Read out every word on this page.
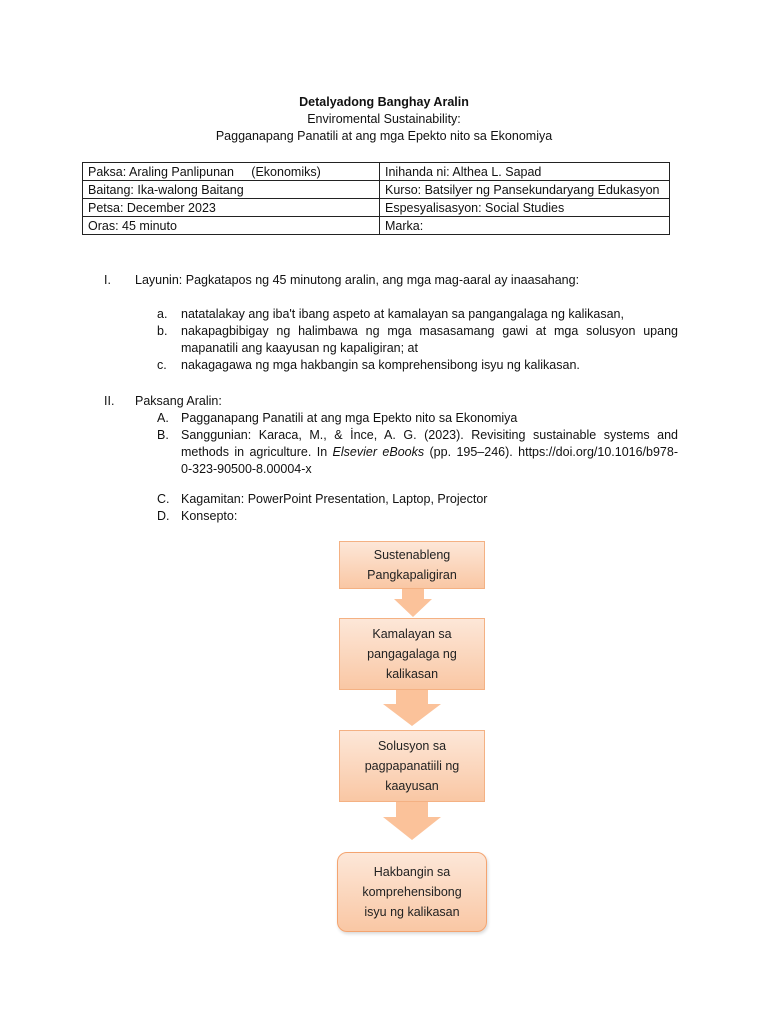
Detalyadong Banghay Aralin
Enviromental Sustainability:
Pagganapang Panatili at ang mga Epekto nito sa Ekonomiya
Paksa: Araling Panlipunan     (Ekonomiks)	Inihanda ni: Althea L. Sapad
Baitang: Ika-walong Baitang	Kurso: Batsilyer ng Pansekundaryang Edukasyon
Petsa: December 2023	Espesyalisasyon: Social Studies
Oras: 45 minuto	Marka:
I. Layunin: Pagkatapos ng 45 minutong aralin, ang mga mag-aaral ay inaasahang:
a. natatalakay ang iba't ibang aspeto at kamalayan sa pangangalaga ng kalikasan,
b. nakapagbibigay ng halimbawa ng mga masasamang gawi at mga solusyon upang
mapanatili ang kaayusan ng kapaligiran; at
c. nakagagawa ng mga hakbangin sa komprehensibong isyu ng kalikasan.
II. Paksang Aralin:
A. Pagganapang Panatili at ang mga Epekto nito sa Ekonomiya
B. Sanggunian: Karaca, M., & İnce, A. G. (2023). Revisiting sustainable systems and
methods in agriculture. In Elsevier eBooks (pp. 195–246). https://doi.org/10.1016/b978-
0-323-90500-8.00004-x
C. Kagamitan: PowerPoint Presentation, Laptop, Projector
D. Konsepto:
Sustenableng
Pangkapaligiran
Kamalayan sa
pangagalaga ng
kalikasan
Solusyon sa
pagpapanatiili ng
kaayusan
Hakbangin sa
komprehensibong
isyu ng kalikasan
